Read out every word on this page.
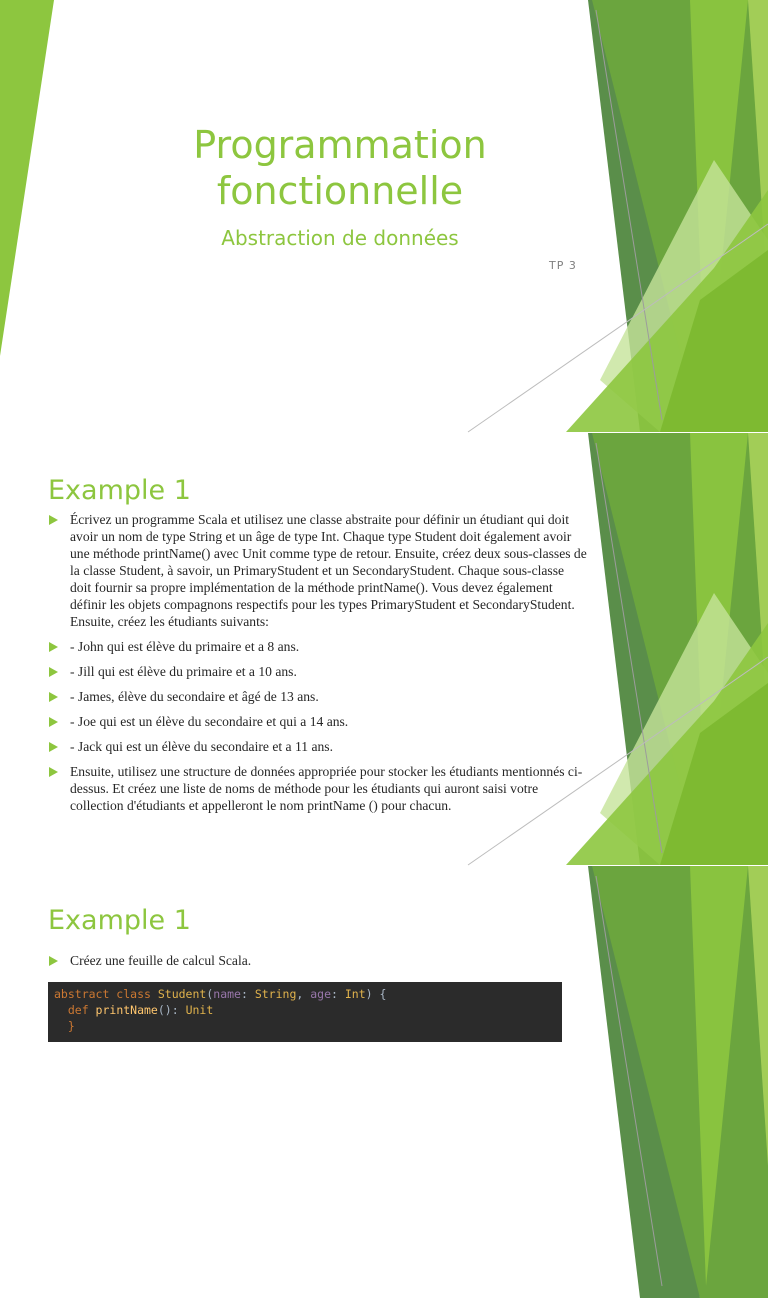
Programmation
fonctionnelle

Abstraction de données

TP 3
Example 1
Écrivez un programme Scala et utilisez une classe abstraite pour définir un étudiant qui doit avoir un nom de type String et un âge de type Int. Chaque type Student doit également avoir une méthode printName() avec Unit comme type de retour. Ensuite, créez deux sous-classes de la classe Student, à savoir, un PrimaryStudent et un SecondaryStudent. Chaque sous-classe doit fournir sa propre implémentation de la méthode printName(). Vous devez également définir les objets compagnons respectifs pour les types PrimaryStudent et SecondaryStudent. Ensuite, créez les étudiants suivants:
- John qui est élève du primaire et a 8 ans.
- Jill qui est élève du primaire et a 10 ans.
- James, élève du secondaire et âgé de 13 ans.
- Joe qui est un élève du secondaire et qui a 14 ans.
- Jack qui est un élève du secondaire et a 11 ans.
Ensuite, utilisez une structure de données appropriée pour stocker les étudiants mentionnés ci-dessus. Et créez une liste de noms de méthode pour les étudiants qui auront saisi votre collection d'étudiants et appelleront le nom printName () pour chacun.
Example 1
Créez une feuille de calcul Scala.
abstract class Student(name: String, age: Int) {
def printName(): Unit
}
